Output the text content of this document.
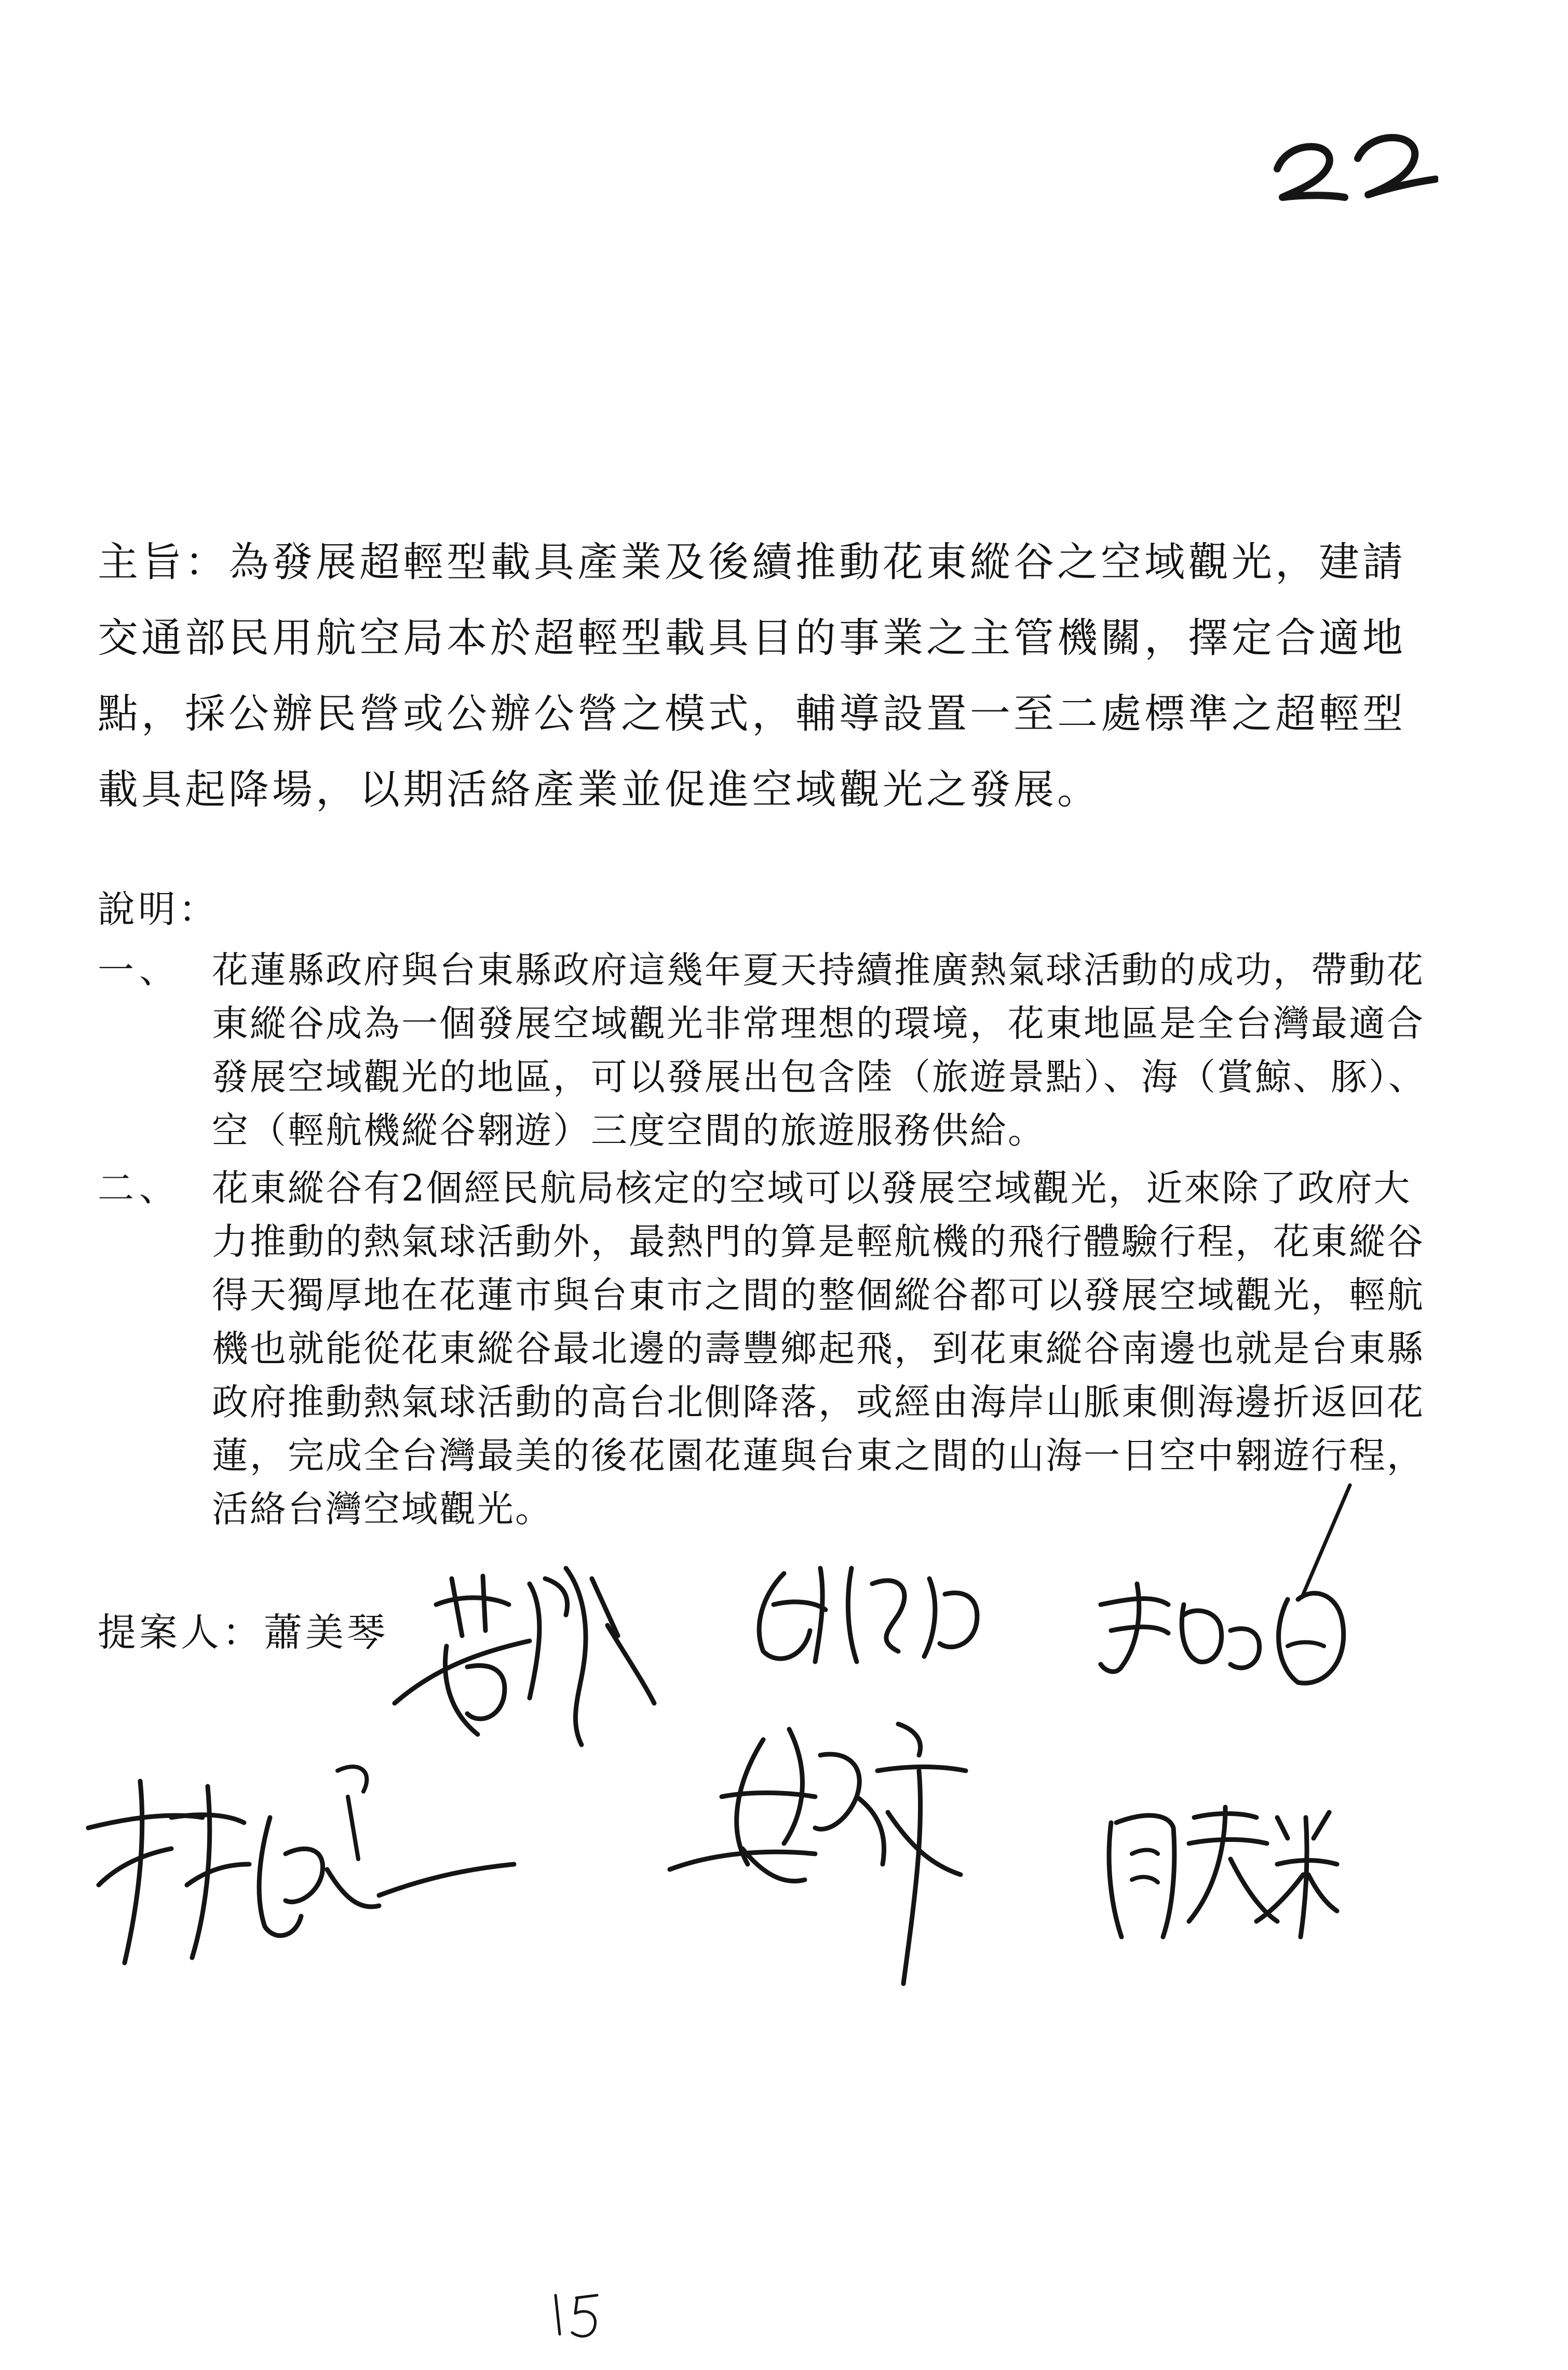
主旨：為發展超輕型載具產業及後續推動花東縱谷之空域觀光，建請
交通部民用航空局本於超輕型載具目的事業之主管機關，擇定合適地
點，採公辦民營或公辦公營之模式，輔導設置一至二處標準之超輕型
載具起降場，以期活絡產業並促進空域觀光之發展。
說明：
一、 花蓮縣政府與台東縣政府這幾年夏天持續推廣熱氣球活動的成功，帶動花
東縱谷成為一個發展空域觀光非常理想的環境，花東地區是全台灣最適合
發展空域觀光的地區，可以發展出包含陸（旅遊景點）、海（賞鯨、豚）、
空（輕航機縱谷翱遊）三度空間的旅遊服務供給。
二、 花東縱谷有2個經民航局核定的空域可以發展空域觀光，近來除了政府大
力推動的熱氣球活動外，最熱門的算是輕航機的飛行體驗行程，花東縱谷
得天獨厚地在花蓮市與台東市之間的整個縱谷都可以發展空域觀光，輕航
機也就能從花東縱谷最北邊的壽豐鄉起飛，到花東縱谷南邊也就是台東縣
政府推動熱氣球活動的高台北側降落，或經由海岸山脈東側海邊折返回花
蓮，完成全台灣最美的後花園花蓮與台東之間的山海一日空中翱遊行程，
活絡台灣空域觀光。
提案人：蕭美琴
